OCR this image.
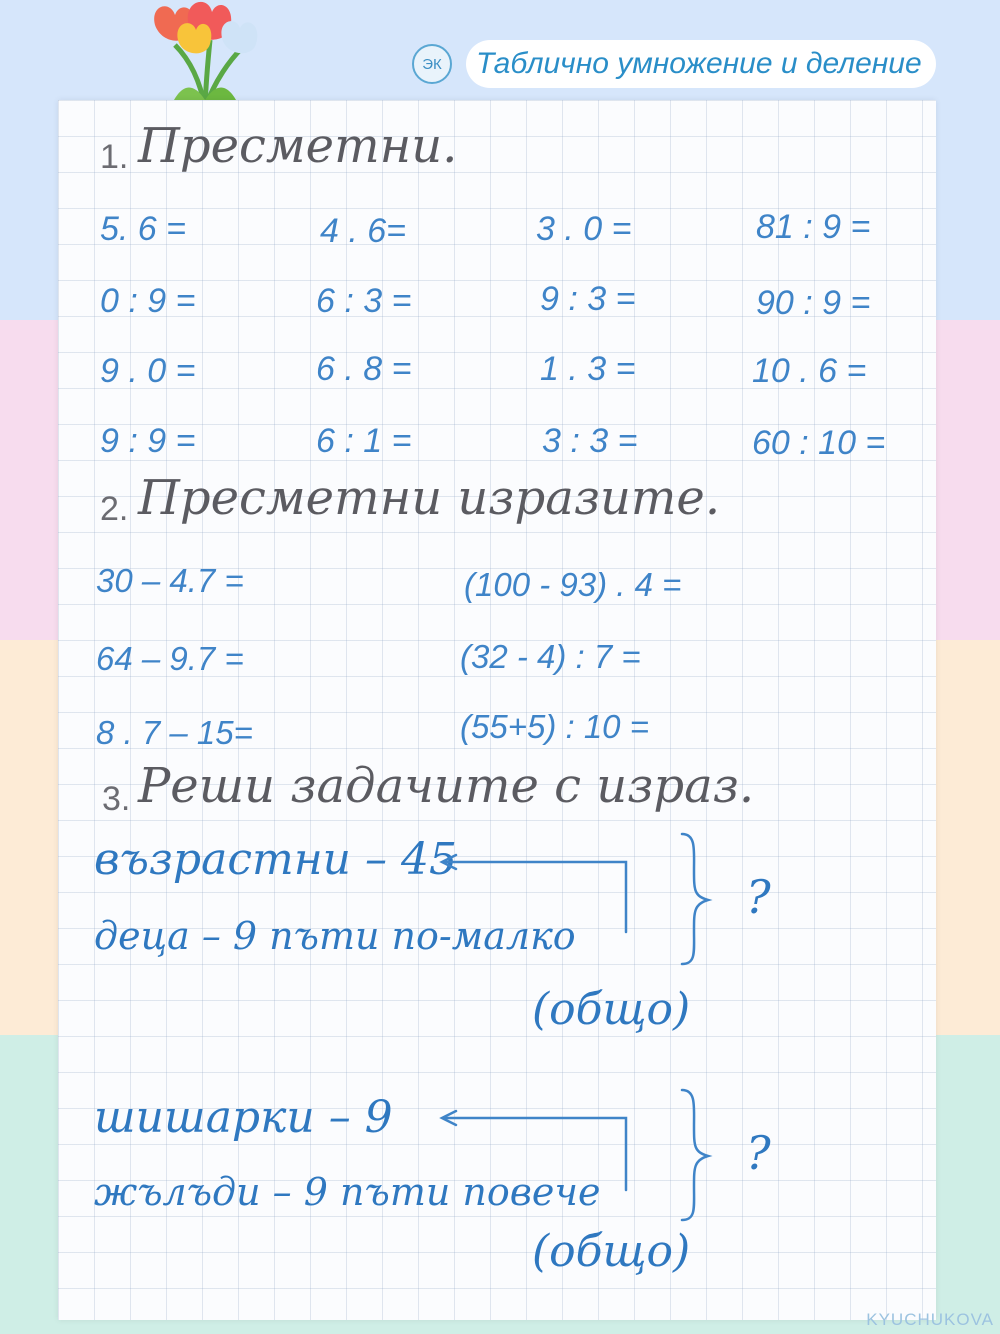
ЭК Таблично умножение и деление
1. Пресметни.
5. 6 =
0 : 9 =
9 . 0 =
9 : 9 =
4 . 6=
6 : 3 =
6 . 8 =
6 : 1 =
3 . 0 =
9 : 3 =
1 . 3 =
3 : 3 =
81 : 9 =
90 : 9 =
10 . 6 =
60 : 10 =
2. Пресметни изразите.
30 – 4.7 =
64 – 9.7 =
8 . 7 – 15=
(100 - 93) . 4 =
(32 - 4) : 7 =
(55+5) : 10 =
3. Реши задачите с израз.
възрастни – 45
деца – 9 пъти по-малко
(общо)
?
шишарки – 9
жълъди – 9 пъти повече
(общо)
?
KYUCHUKOVA
